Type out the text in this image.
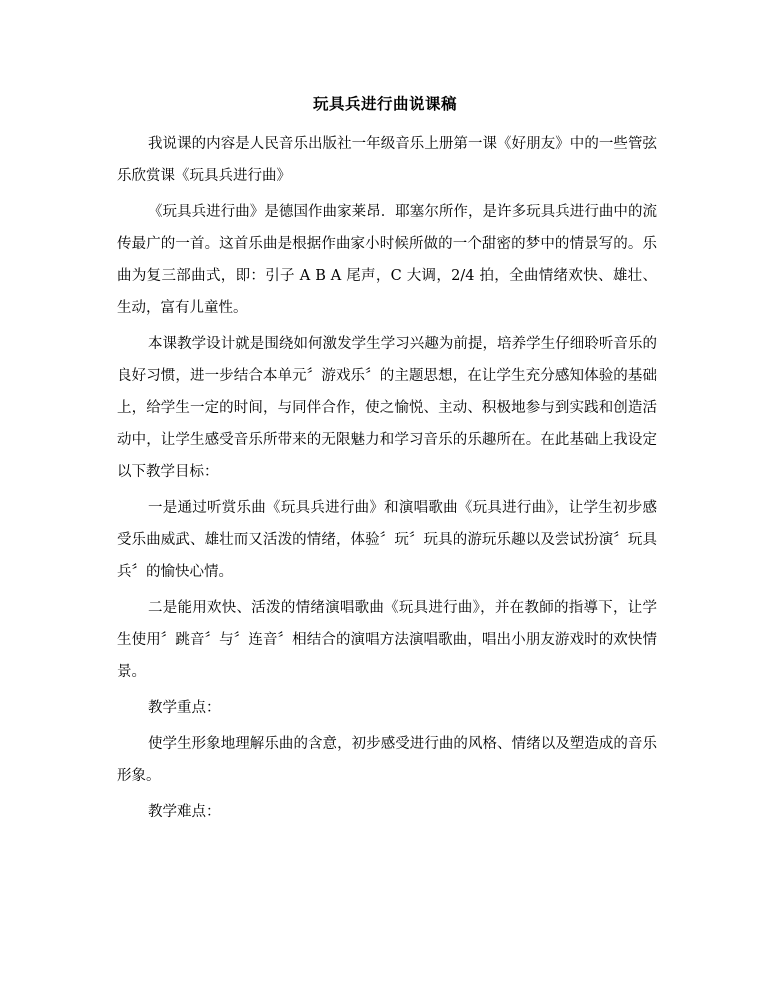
玩具兵进行曲说课稿

我说课的内容是人民音乐出版社一年级音乐上册第一课《好朋友》中的一些管弦乐欣赏课《玩具兵进行曲》

《玩具兵进行曲》是德国作曲家莱昂．耶塞尔所作，是许多玩具兵进行曲中的流传最广的一首。这首乐曲是根据作曲家小时候所做的一个甜密的梦中的情景写的。乐曲为复三部曲式，即：引子 A B A 尾声，C 大调，2/4 拍，全曲情绪欢快、雄壮、生动，富有儿童性。

本课教学设计就是围绕如何激发学生学习兴趣为前提，培养学生仔细聆听音乐的良好习惯，进一步结合本单元〞游戏乐〞的主题思想，在让学生充分感知体验的基础上，给学生一定的时间，与同伴合作，使之愉悦、主动、积极地参与到实践和创造活动中，让学生感受音乐所带来的无限魅力和学习音乐的乐趣所在。在此基础上我设定以下教学目标：

一是通过听赏乐曲《玩具兵进行曲》和演唱歌曲《玩具进行曲》，让学生初步感受乐曲威武、雄壮而又活泼的情绪，体验〞玩〞玩具的游玩乐趣以及尝试扮演〞玩具兵〞的愉快心情。

二是能用欢快、活泼的情绪演唱歌曲《玩具进行曲》，并在教師的指導下，让学生使用〞跳音〞与〞连音〞相结合的演唱方法演唱歌曲，唱出小朋友游戏时的欢快情景。

教学重点：

使学生形象地理解乐曲的含意，初步感受进行曲的风格、情绪以及塑造成的音乐形象。

教学难点：
